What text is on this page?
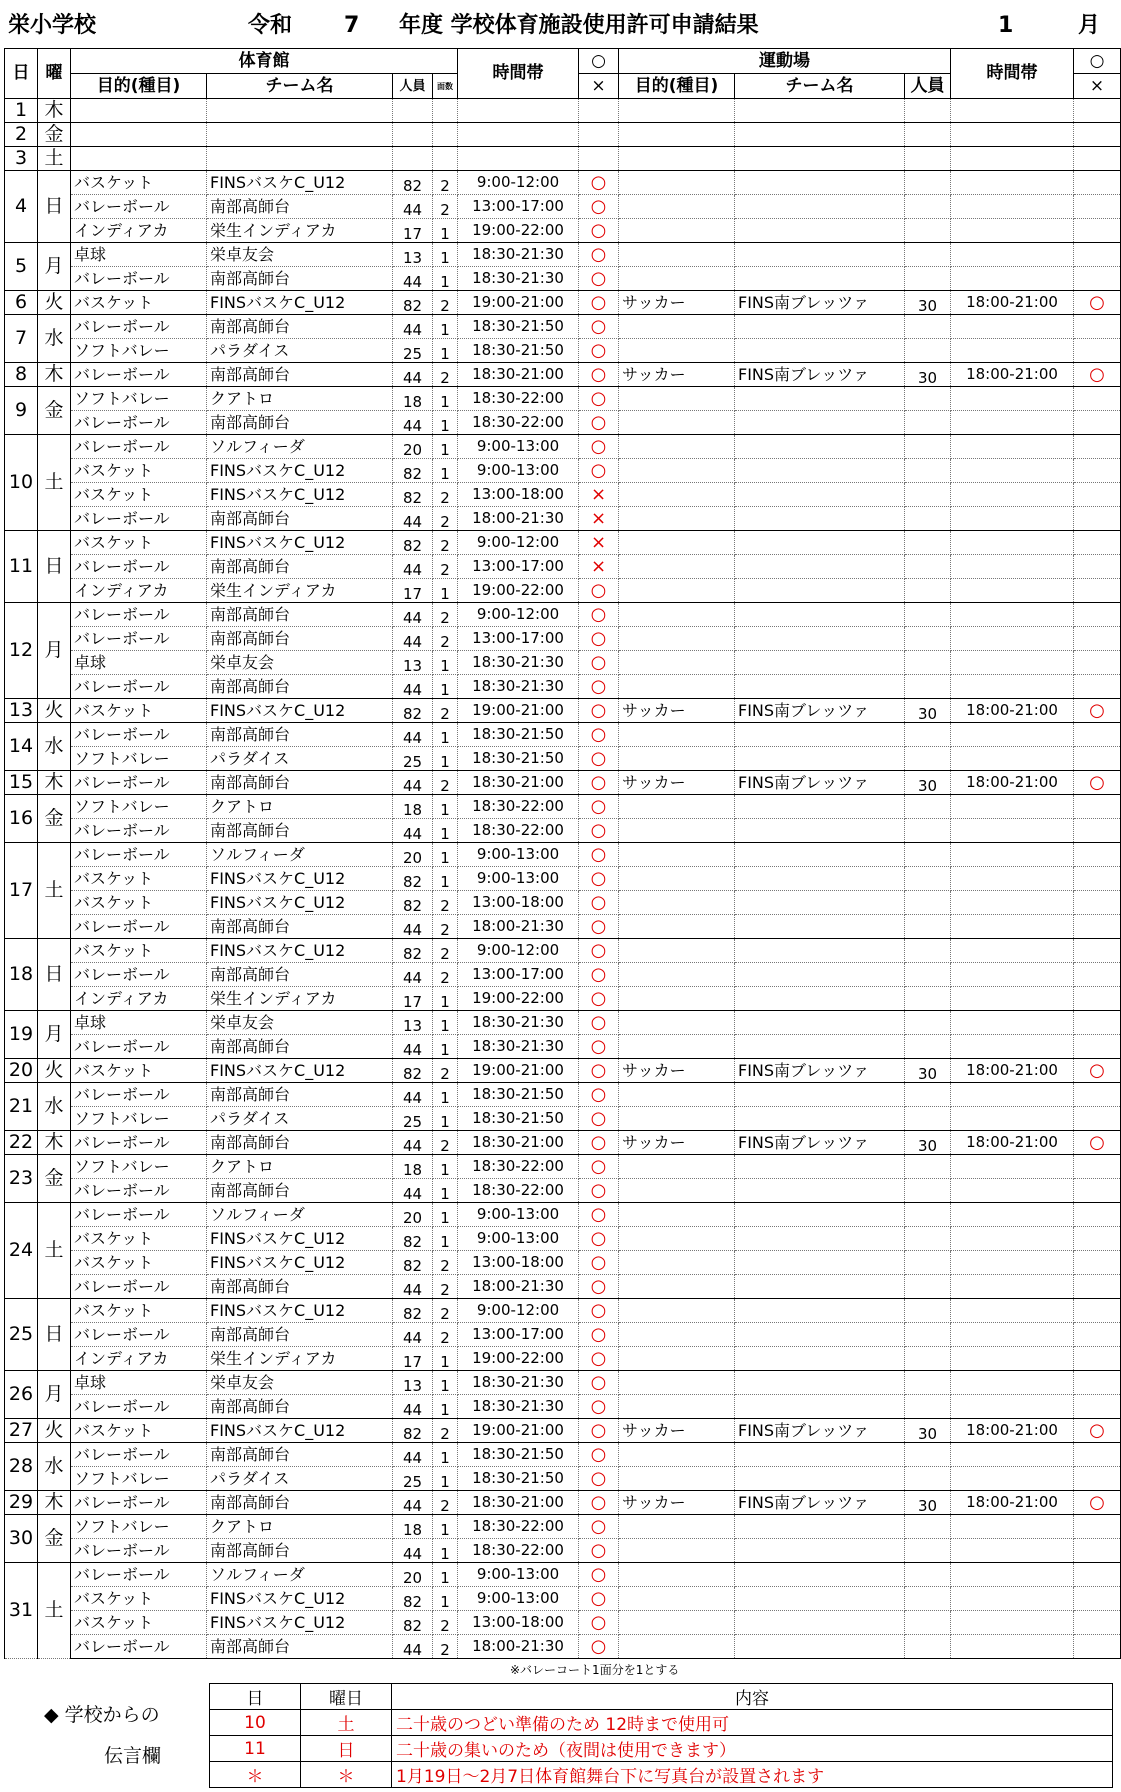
栄小学校	令和 7 年度 学校体育施設使用許可申請結果	1	月
日	曜	体育館				時間帯	○	運動場			時間帯	○
		目的(種目)	チーム名	人員	面数		×	目的(種目)	チーム名	人員		×
1	木											
2	金											
3	土											
4	日	バスケット	FINSバスケC_U12	82	2	9:00-12:00	○					
		バレーボール	南部高師台	44	2	13:00-17:00	○					
		インディアカ	栄生インディアカ	17	1	19:00-22:00	○					
5	月	卓球	栄卓友会	13	1	18:30-21:30	○					
		バレーボール	南部高師台	44	1	18:30-21:30	○					
6	火	バスケット	FINSバスケC_U12	82	2	19:00-21:00	○	サッカー	FINS南ブレッツァ	30	18:00-21:00	○
7	水	バレーボール	南部高師台	44	1	18:30-21:50	○					
		ソフトバレー	パラダイス	25	1	18:30-21:50	○					
8	木	バレーボール	南部高師台	44	2	18:30-21:00	○	サッカー	FINS南ブレッツァ	30	18:00-21:00	○
9	金	ソフトバレー	クアトロ	18	1	18:30-22:00	○					
		バレーボール	南部高師台	44	1	18:30-22:00	○					
10	土	バレーボール	ソルフィーダ	20	1	9:00-13:00	○					
		バスケット	FINSバスケC_U12	82	1	9:00-13:00	○					
		バスケット	FINSバスケC_U12	82	2	13:00-18:00	×					
		バレーボール	南部高師台	44	2	18:00-21:30	×					
11	日	バスケット	FINSバスケC_U12	82	2	9:00-12:00	×					
		バレーボール	南部高師台	44	2	13:00-17:00	×					
		インディアカ	栄生インディアカ	17	1	19:00-22:00	○					
12	月	バレーボール	南部高師台	44	2	9:00-12:00	○					
		バレーボール	南部高師台	44	2	13:00-17:00	○					
		卓球	栄卓友会	13	1	18:30-21:30	○					
		バレーボール	南部高師台	44	1	18:30-21:30	○					
13	火	バスケット	FINSバスケC_U12	82	2	19:00-21:00	○	サッカー	FINS南ブレッツァ	30	18:00-21:00	○
14	水	バレーボール	南部高師台	44	1	18:30-21:50	○					
		ソフトバレー	パラダイス	25	1	18:30-21:50	○					
15	木	バレーボール	南部高師台	44	2	18:30-21:00	○	サッカー	FINS南ブレッツァ	30	18:00-21:00	○
16	金	ソフトバレー	クアトロ	18	1	18:30-22:00	○					
		バレーボール	南部高師台	44	1	18:30-22:00	○					
17	土	バレーボール	ソルフィーダ	20	1	9:00-13:00	○					
		バスケット	FINSバスケC_U12	82	1	9:00-13:00	○					
		バスケット	FINSバスケC_U12	82	2	13:00-18:00	○					
		バレーボール	南部高師台	44	2	18:00-21:30	○					
18	日	バスケット	FINSバスケC_U12	82	2	9:00-12:00	○					
		バレーボール	南部高師台	44	2	13:00-17:00	○					
		インディアカ	栄生インディアカ	17	1	19:00-22:00	○					
19	月	卓球	栄卓友会	13	1	18:30-21:30	○					
		バレーボール	南部高師台	44	1	18:30-21:30	○					
20	火	バスケット	FINSバスケC_U12	82	2	19:00-21:00	○	サッカー	FINS南ブレッツァ	30	18:00-21:00	○
21	水	バレーボール	南部高師台	44	1	18:30-21:50	○					
		ソフトバレー	パラダイス	25	1	18:30-21:50	○					
22	木	バレーボール	南部高師台	44	2	18:30-21:00	○	サッカー	FINS南ブレッツァ	30	18:00-21:00	○
23	金	ソフトバレー	クアトロ	18	1	18:30-22:00	○					
		バレーボール	南部高師台	44	1	18:30-22:00	○					
24	土	バレーボール	ソルフィーダ	20	1	9:00-13:00	○					
		バスケット	FINSバスケC_U12	82	1	9:00-13:00	○					
		バスケット	FINSバスケC_U12	82	2	13:00-18:00	○					
		バレーボール	南部高師台	44	2	18:00-21:30	○					
25	日	バスケット	FINSバスケC_U12	82	2	9:00-12:00	○					
		バレーボール	南部高師台	44	2	13:00-17:00	○					
		インディアカ	栄生インディアカ	17	1	19:00-22:00	○					
26	月	卓球	栄卓友会	13	1	18:30-21:30	○					
		バレーボール	南部高師台	44	1	18:30-21:30	○					
27	火	バスケット	FINSバスケC_U12	82	2	19:00-21:00	○	サッカー	FINS南ブレッツァ	30	18:00-21:00	○
28	水	バレーボール	南部高師台	44	1	18:30-21:50	○					
		ソフトバレー	パラダイス	25	1	18:30-21:50	○					
29	木	バレーボール	南部高師台	44	2	18:30-21:00	○	サッカー	FINS南ブレッツァ	30	18:00-21:00	○
30	金	ソフトバレー	クアトロ	18	1	18:30-22:00	○					
		バレーボール	南部高師台	44	1	18:30-22:00	○					
31	土	バレーボール	ソルフィーダ	20	1	9:00-13:00	○					
		バスケット	FINSバスケC_U12	82	1	9:00-13:00	○					
		バスケット	FINSバスケC_U12	82	2	13:00-18:00	○					
		バレーボール	南部高師台	44	2	18:00-21:30	○					
※バレーコート1面分を1とする
◆ 学校からの
伝言欄
日	曜日	内容
10	土	二十歳のつどい準備のため 12時まで使用可
11	日	二十歳の集いのため（夜間は使用できます）
＊	＊	1月19日～2月7日体育館舞台下に写真台が設置されます
